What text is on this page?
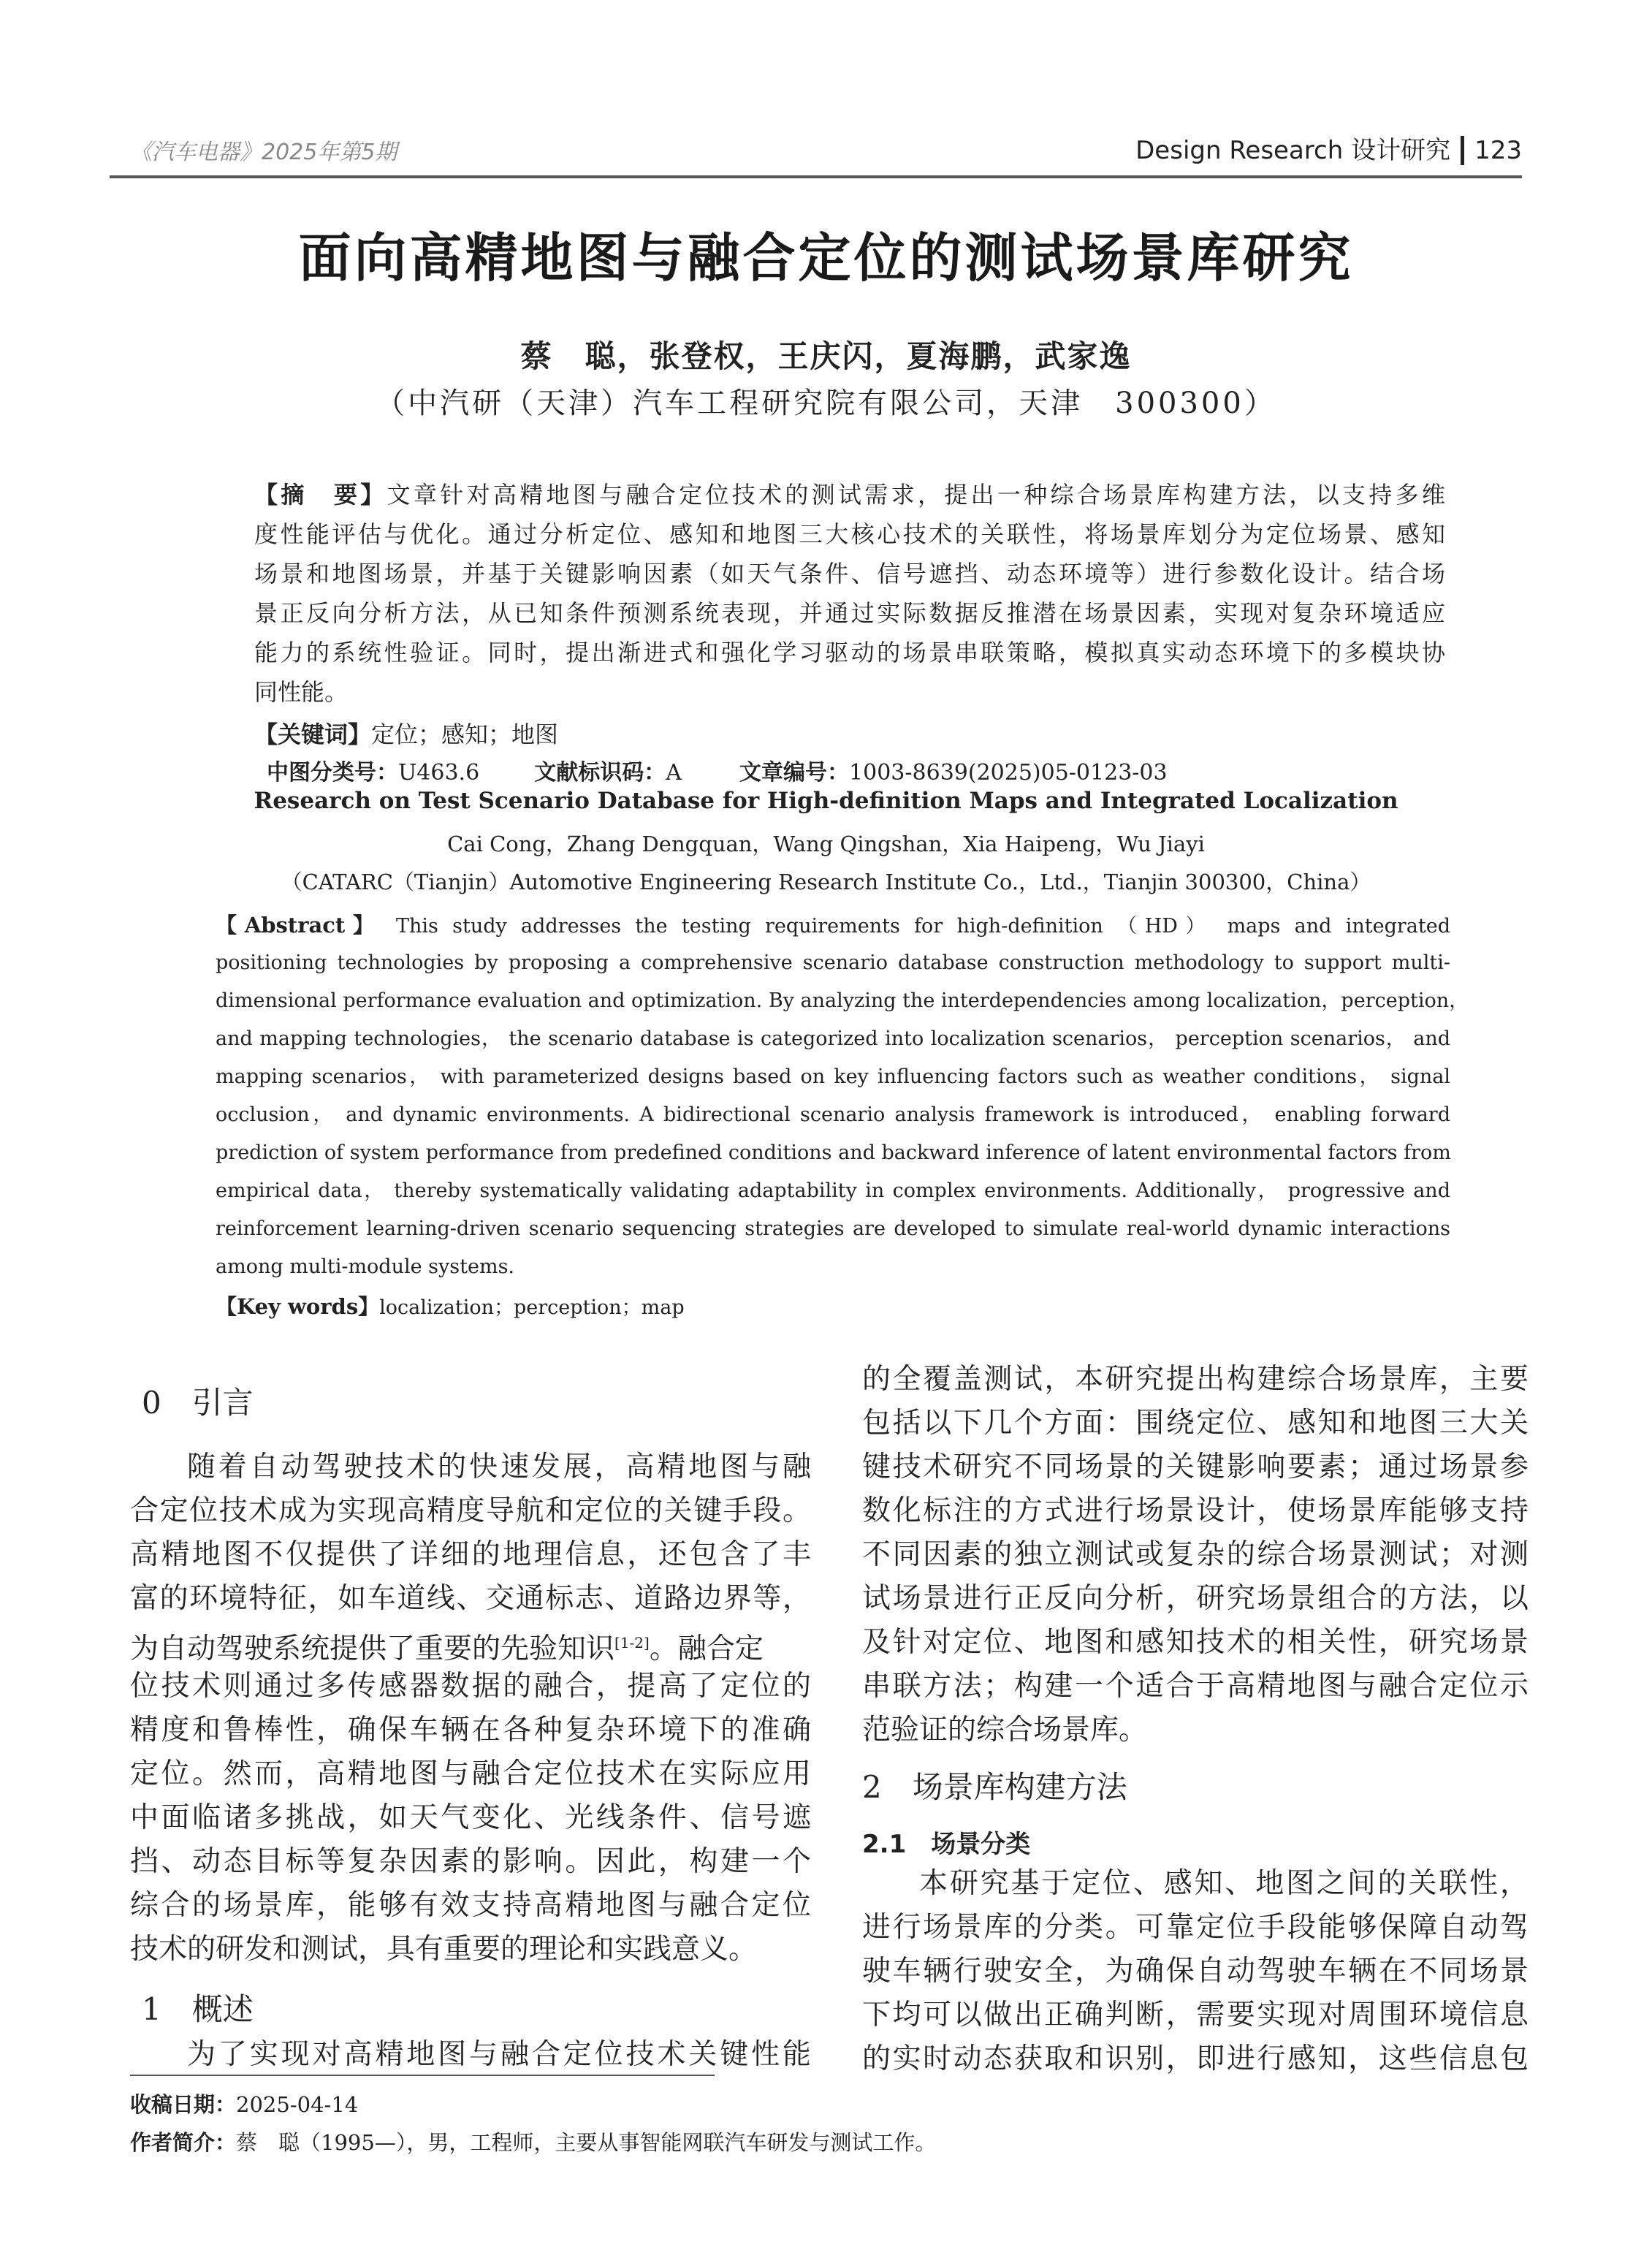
《汽车电器》2025年第5期	Design Research 设计研究 123
面向高精地图与融合定位的测试场景库研究
蔡　聪，张登权，王庆闪，夏海鹏，武家逸
（中汽研（天津）汽车工程研究院有限公司，天津　300300）
【摘　要】文章针对高精地图与融合定位技术的测试需求，提出一种综合场景库构建方法，以支持多维
度性能评估与优化。通过分析定位、感知和地图三大核心技术的关联性，将场景库划分为定位场景、感知
场景和地图场景，并基于关键影响因素（如天气条件、信号遮挡、动态环境等）进行参数化设计。结合场
景正反向分析方法，从已知条件预测系统表现，并通过实际数据反推潜在场景因素，实现对复杂环境适应
能力的系统性验证。同时，提出渐进式和强化学习驱动的场景串联策略，模拟真实动态环境下的多模块协
同性能。
【关键词】定位；感知；地图
中图分类号：U463.6	文献标识码：A	文章编号：1003-8639(2025)05-0123-03
Research on Test Scenario Database for High-definition Maps and Integrated Localization
Cai Cong，Zhang Dengquan，Wang Qingshan，Xia Haipeng，Wu Jiayi
（CATARC（Tianjin）Automotive Engineering Research Institute Co.，Ltd.，Tianjin 300300，China）
【Abstract】 This study addresses the testing requirements for high-definition （HD） maps and integrated
positioning technologies by proposing a comprehensive scenario database construction methodology to support multi-
dimensional performance evaluation and optimization. By analyzing the interdependencies among localization，perception，
and mapping technologies， the scenario database is categorized into localization scenarios， perception scenarios， and
mapping scenarios， with parameterized designs based on key influencing factors such as weather conditions， signal
occlusion， and dynamic environments. A bidirectional scenario analysis framework is introduced， enabling forward
prediction of system performance from predefined conditions and backward inference of latent environmental factors from
empirical data， thereby systematically validating adaptability in complex environments. Additionally， progressive and
reinforcement learning-driven scenario sequencing strategies are developed to simulate real-world dynamic interactions
among multi-module systems.
【Key words】localization；perception；map
0　引言
随着自动驾驶技术的快速发展，高精地图与融
合定位技术成为实现高精度导航和定位的关键手段。
高精地图不仅提供了详细的地理信息，还包含了丰
富的环境特征，如车道线、交通标志、道路边界等，
为自动驾驶系统提供了重要的先验知识[1-2]。融合定
位技术则通过多传感器数据的融合，提高了定位的
精度和鲁棒性，确保车辆在各种复杂环境下的准确
定位。然而，高精地图与融合定位技术在实际应用
中面临诸多挑战，如天气变化、光线条件、信号遮
挡、动态目标等复杂因素的影响。因此，构建一个
综合的场景库，能够有效支持高精地图与融合定位
技术的研发和测试，具有重要的理论和实践意义。
1　概述
为了实现对高精地图与融合定位技术关键性能
的全覆盖测试，本研究提出构建综合场景库，主要
包括以下几个方面：围绕定位、感知和地图三大关
键技术研究不同场景的关键影响要素；通过场景参
数化标注的方式进行场景设计，使场景库能够支持
不同因素的独立测试或复杂的综合场景测试；对测
试场景进行正反向分析，研究场景组合的方法，以
及针对定位、地图和感知技术的相关性，研究场景
串联方法；构建一个适合于高精地图与融合定位示
范验证的综合场景库。
2　场景库构建方法
2.1　场景分类
本研究基于定位、感知、地图之间的关联性，
进行场景库的分类。可靠定位手段能够保障自动驾
驶车辆行驶安全，为确保自动驾驶车辆在不同场景
下均可以做出正确判断，需要实现对周围环境信息
的实时动态获取和识别，即进行感知，这些信息包
收稿日期：2025-04-14
作者简介：蔡　聪（1995—），男，工程师，主要从事智能网联汽车研发与测试工作。
